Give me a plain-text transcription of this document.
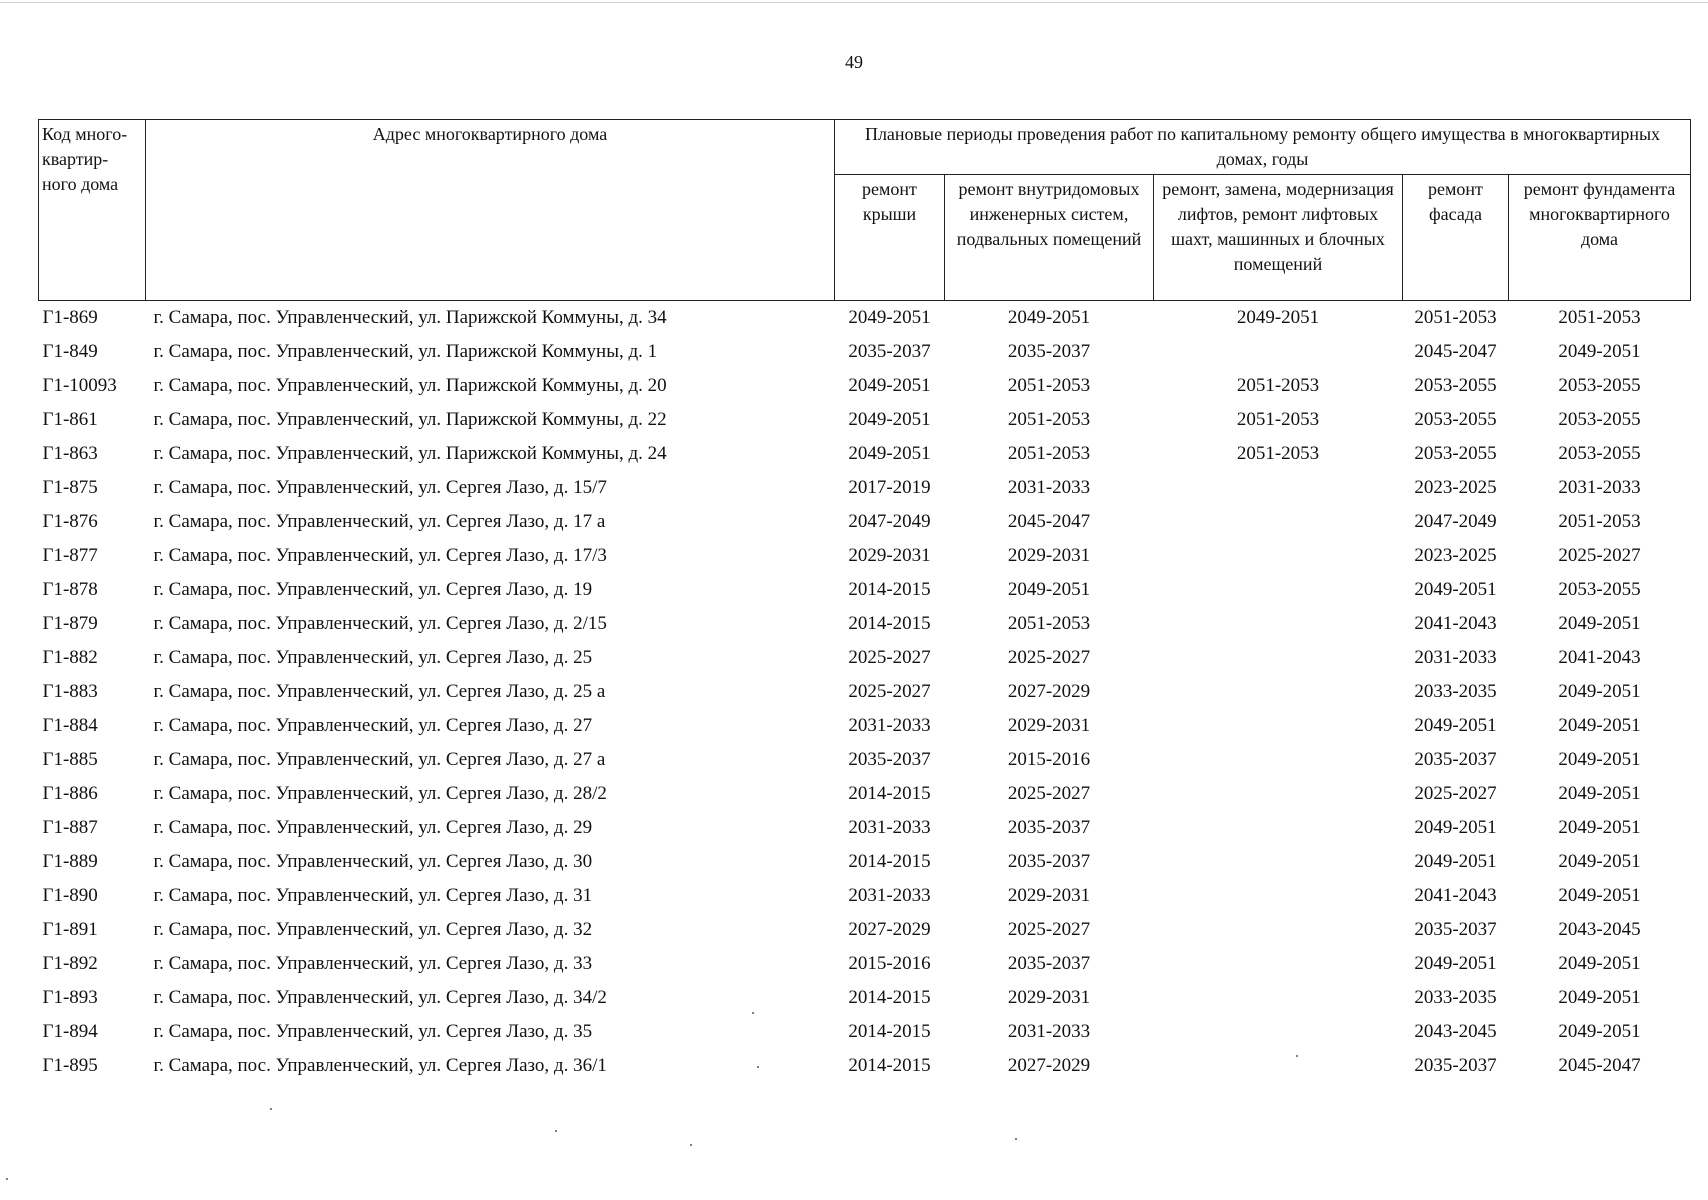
49
Код много-квартир-ного дома	Адрес многоквартирного дома	Плановые периоды проведения работ по капитальному ремонту общего имущества в многоквартирных домах, годы				
		ремонт крыши	ремонт внутридомовых инженерных систем, подвальных помещений	ремонт, замена, модернизация лифтов, ремонт лифтовых шахт, машинных и блочных помещений	ремонт фасада	ремонт фундамента многоквартирного дома
Г1-869	г. Самара, пос. Управленческий, ул. Парижской Коммуны, д. 34	2049-2051	2049-2051	2049-2051	2051-2053	2051-2053
Г1-849	г. Самара, пос. Управленческий, ул. Парижской Коммуны, д. 1	2035-2037	2035-2037		2045-2047	2049-2051
Г1-10093	г. Самара, пос. Управленческий, ул. Парижской Коммуны, д. 20	2049-2051	2051-2053	2051-2053	2053-2055	2053-2055
Г1-861	г. Самара, пос. Управленческий, ул. Парижской Коммуны, д. 22	2049-2051	2051-2053	2051-2053	2053-2055	2053-2055
Г1-863	г. Самара, пос. Управленческий, ул. Парижской Коммуны, д. 24	2049-2051	2051-2053	2051-2053	2053-2055	2053-2055
Г1-875	г. Самара, пос. Управленческий, ул. Сергея Лазо, д. 15/7	2017-2019	2031-2033		2023-2025	2031-2033
Г1-876	г. Самара, пос. Управленческий, ул. Сергея Лазо, д. 17 а	2047-2049	2045-2047		2047-2049	2051-2053
Г1-877	г. Самара, пос. Управленческий, ул. Сергея Лазо, д. 17/3	2029-2031	2029-2031		2023-2025	2025-2027
Г1-878	г. Самара, пос. Управленческий, ул. Сергея Лазо, д. 19	2014-2015	2049-2051		2049-2051	2053-2055
Г1-879	г. Самара, пос. Управленческий, ул. Сергея Лазо, д. 2/15	2014-2015	2051-2053		2041-2043	2049-2051
Г1-882	г. Самара, пос. Управленческий, ул. Сергея Лазо, д. 25	2025-2027	2025-2027		2031-2033	2041-2043
Г1-883	г. Самара, пос. Управленческий, ул. Сергея Лазо, д. 25 а	2025-2027	2027-2029		2033-2035	2049-2051
Г1-884	г. Самара, пос. Управленческий, ул. Сергея Лазо, д. 27	2031-2033	2029-2031		2049-2051	2049-2051
Г1-885	г. Самара, пос. Управленческий, ул. Сергея Лазо, д. 27 а	2035-2037	2015-2016		2035-2037	2049-2051
Г1-886	г. Самара, пос. Управленческий, ул. Сергея Лазо, д. 28/2	2014-2015	2025-2027		2025-2027	2049-2051
Г1-887	г. Самара, пос. Управленческий, ул. Сергея Лазо, д. 29	2031-2033	2035-2037		2049-2051	2049-2051
Г1-889	г. Самара, пос. Управленческий, ул. Сергея Лазо, д. 30	2014-2015	2035-2037		2049-2051	2049-2051
Г1-890	г. Самара, пос. Управленческий, ул. Сергея Лазо, д. 31	2031-2033	2029-2031		2041-2043	2049-2051
Г1-891	г. Самара, пос. Управленческий, ул. Сергея Лазо, д. 32	2027-2029	2025-2027		2035-2037	2043-2045
Г1-892	г. Самара, пос. Управленческий, ул. Сергея Лазо, д. 33	2015-2016	2035-2037		2049-2051	2049-2051
Г1-893	г. Самара, пос. Управленческий, ул. Сергея Лазо, д. 34/2	2014-2015	2029-2031		2033-2035	2049-2051
Г1-894	г. Самара, пос. Управленческий, ул. Сергея Лазо, д. 35	2014-2015	2031-2033		2043-2045	2049-2051
Г1-895	г. Самара, пос. Управленческий, ул. Сергея Лазо, д. 36/1	2014-2015	2027-2029		2035-2037	2045-2047
